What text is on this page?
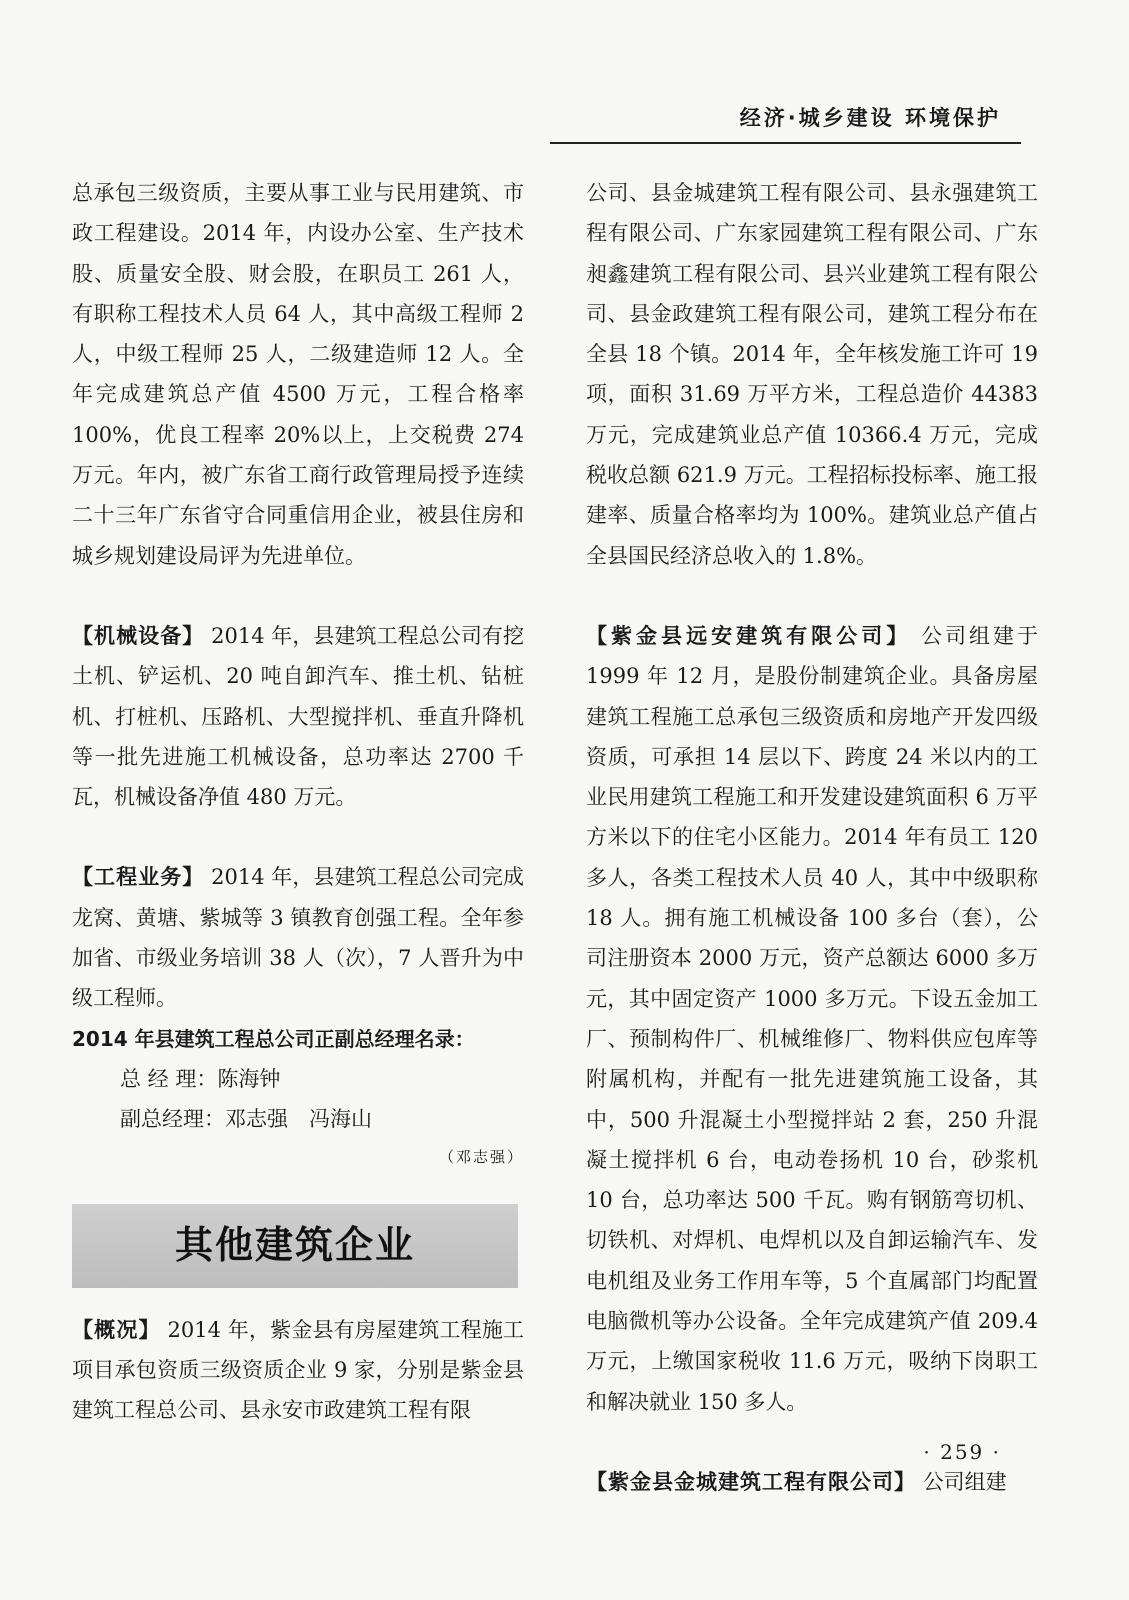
经济·城乡建设 环境保护

总承包三级资质，主要从事工业与民用建筑、市政工程建设。2014 年，内设办公室、生产技术股、质量安全股、财会股，在职员工 261 人，有职称工程技术人员 64 人，其中高级工程师 2 人，中级工程师 25 人，二级建造师 12 人。全年完成建筑总产值 4500 万元，工程合格率 100%，优良工程率 20%以上，上交税费 274 万元。年内，被广东省工商行政管理局授予连续二十三年广东省守合同重信用企业，被县住房和城乡规划建设局评为先进单位。

【机械设备】 2014 年，县建筑工程总公司有挖土机、铲运机、20 吨自卸汽车、推土机、钻桩机、打桩机、压路机、大型搅拌机、垂直升降机等一批先进施工机械设备，总功率达 2700 千瓦，机械设备净值 480 万元。

【工程业务】 2014 年，县建筑工程总公司完成龙窝、黄塘、紫城等 3 镇教育创强工程。全年参加省、市级业务培训 38 人（次），7 人晋升为中级工程师。

2014 年县建筑工程总公司正副总经理名录：
总 经 理：陈海钟
副总经理：邓志强　冯海山
（邓志强）
其他建筑企业

【概况】 2014 年，紫金县有房屋建筑工程施工项目承包资质三级资质企业 9 家，分别是紫金县建筑工程总公司、县永安市政建筑工程有限

公司、县金城建筑工程有限公司、县永强建筑工程有限公司、广东家园建筑工程有限公司、广东昶鑫建筑工程有限公司、县兴业建筑工程有限公司、县金政建筑工程有限公司，建筑工程分布在全县 18 个镇。2014 年，全年核发施工许可 19 项，面积 31.69 万平方米，工程总造价 44383 万元，完成建筑业总产值 10366.4 万元，完成税收总额 621.9 万元。工程招标投标率、施工报建率、质量合格率均为 100%。建筑业总产值占全县国民经济总收入的 1.8%。

【紫金县远安建筑有限公司】 公司组建于 1999 年 12 月，是股份制建筑企业。具备房屋建筑工程施工总承包三级资质和房地产开发四级资质，可承担 14 层以下、跨度 24 米以内的工业民用建筑工程施工和开发建设建筑面积 6 万平方米以下的住宅小区能力。2014 年有员工 120 多人，各类工程技术人员 40 人，其中中级职称 18 人。拥有施工机械设备 100 多台（套），公司注册资本 2000 万元，资产总额达 6000 多万元，其中固定资产 1000 多万元。下设五金加工厂、预制构件厂、机械维修厂、物料供应包库等附属机构，并配有一批先进建筑施工设备，其中，500 升混凝土小型搅拌站 2 套，250 升混凝土搅拌机 6 台，电动卷扬机 10 台，砂浆机 10 台，总功率达 500 千瓦。购有钢筋弯切机、切铁机、对焊机、电焊机以及自卸运输汽车、发电机组及业务工作用车等，5 个直属部门均配置电脑微机等办公设备。全年完成建筑产值 209.4 万元，上缴国家税收 11.6 万元，吸纳下岗职工和解决就业 150 多人。

【紫金县金城建筑工程有限公司】 公司组建

· 259 ·
